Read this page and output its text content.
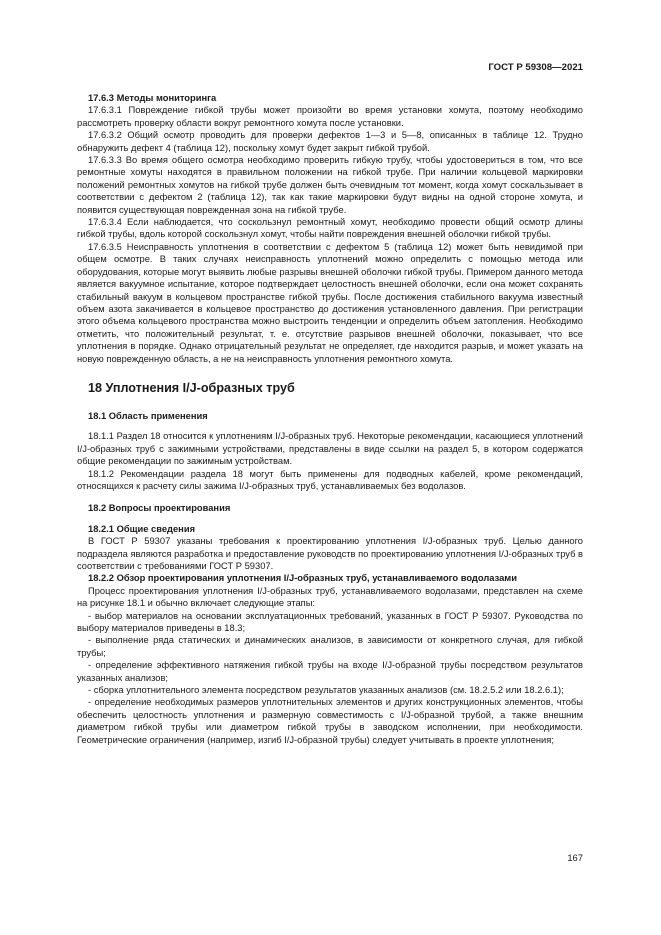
ГОСТ Р 59308—2021

17.6.3 Методы мониторинга

17.6.3.1 Повреждение гибкой трубы может произойти во время установки хомута, поэтому необходимо рассмотреть проверку области вокруг ремонтного хомута после установки.

17.6.3.2 Общий осмотр проводить для проверки дефектов 1—3 и 5—8, описанных в таблице 12. Трудно обнаружить дефект 4 (таблица 12), поскольку хомут будет закрыт гибкой трубой.

17.6.3.3 Во время общего осмотра необходимо проверить гибкую трубу, чтобы удостовериться в том, что все ремонтные хомуты находятся в правильном положении на гибкой трубе. При наличии кольцевой маркировки положений ремонтных хомутов на гибкой трубе должен быть очевидным тот момент, когда хомут соскальзывает в соответствии с дефектом 2 (таблица 12), так как такие маркировки будут видны на одной стороне хомута, и появится существующая поврежденная зона на гибкой трубе.

17.6.3.4 Если наблюдается, что соскользнул ремонтный хомут, необходимо провести общий осмотр длины гибкой трубы, вдоль которой соскользнул хомут, чтобы найти повреждения внешней оболочки гибкой трубы.

17.6.3.5 Неисправность уплотнения в соответствии с дефектом 5 (таблица 12) может быть невидимой при общем осмотре. В таких случаях неисправность уплотнений можно определить с помощью метода или оборудования, которые могут выявить любые разрывы внешней оболочки гибкой трубы. Примером данного метода является вакуумное испытание, которое подтверждает целостность внешней оболочки, если она может сохранять стабильный вакуум в кольцевом пространстве гибкой трубы. После достижения стабильного вакуума известный объем азота закачивается в кольцевое пространство до достижения установленного давления. При регистрации этого объема кольцевого пространства можно выстроить тенденции и определить объем затопления. Необходимо отметить, что положительный результат, т. е. отсутствие разрывов внешней оболочки, показывает, что все уплотнения в порядке. Однако отрицательный результат не определяет, где находится разрыв, и может указать на новую поврежденную область, а не на неисправность уплотнения ремонтного хомута.

18 Уплотнения I/J-образных труб

18.1 Область применения

18.1.1 Раздел 18 относится к уплотнениям I/J-образных труб. Некоторые рекомендации, касающиеся уплотнений I/J-образных труб с зажимными устройствами, представлены в виде ссылки на раздел 5, в котором содержатся общие рекомендации по зажимным устройствам.

18.1.2 Рекомендации раздела 18 могут быть применены для подводных кабелей, кроме рекомендаций, относящихся к расчету силы зажима I/J-образных труб, устанавливаемых без водолазов.

18.2 Вопросы проектирования

18.2.1 Общие сведения

В ГОСТ Р 59307 указаны требования к проектированию уплотнения I/J-образных труб. Целью данного подраздела являются разработка и предоставление руководств по проектированию уплотнения I/J-образных труб в соответствии с требованиями ГОСТ Р 59307.

18.2.2 Обзор проектирования уплотнения I/J-образных труб, устанавливаемого водолазами

Процесс проектирования уплотнения I/J-образных труб, устанавливаемого водолазами, представлен на схеме на рисунке 18.1 и обычно включает следующие этапы:

- выбор материалов на основании эксплуатационных требований, указанных в ГОСТ Р 59307. Руководства по выбору материалов приведены в 18.3;

- выполнение ряда статических и динамических анализов, в зависимости от конкретного случая, для гибкой трубы;

- определение эффективного натяжения гибкой трубы на входе I/J-образной трубы посредством результатов указанных анализов;

- сборка уплотнительного элемента посредством результатов указанных анализов (см. 18.2.5.2 или 18.2.6.1);

- определение необходимых размеров уплотнительных элементов и других конструкционных элементов, чтобы обеспечить целостность уплотнения и размерную совместимость с I/J-образной трубой, а также внешним диаметром гибкой трубы или диаметром гибкой трубы в заводском исполнении, при необходимости. Геометрические ограничения (например, изгиб I/J-образной трубы) следует учитывать в проекте уплотнения;

167
